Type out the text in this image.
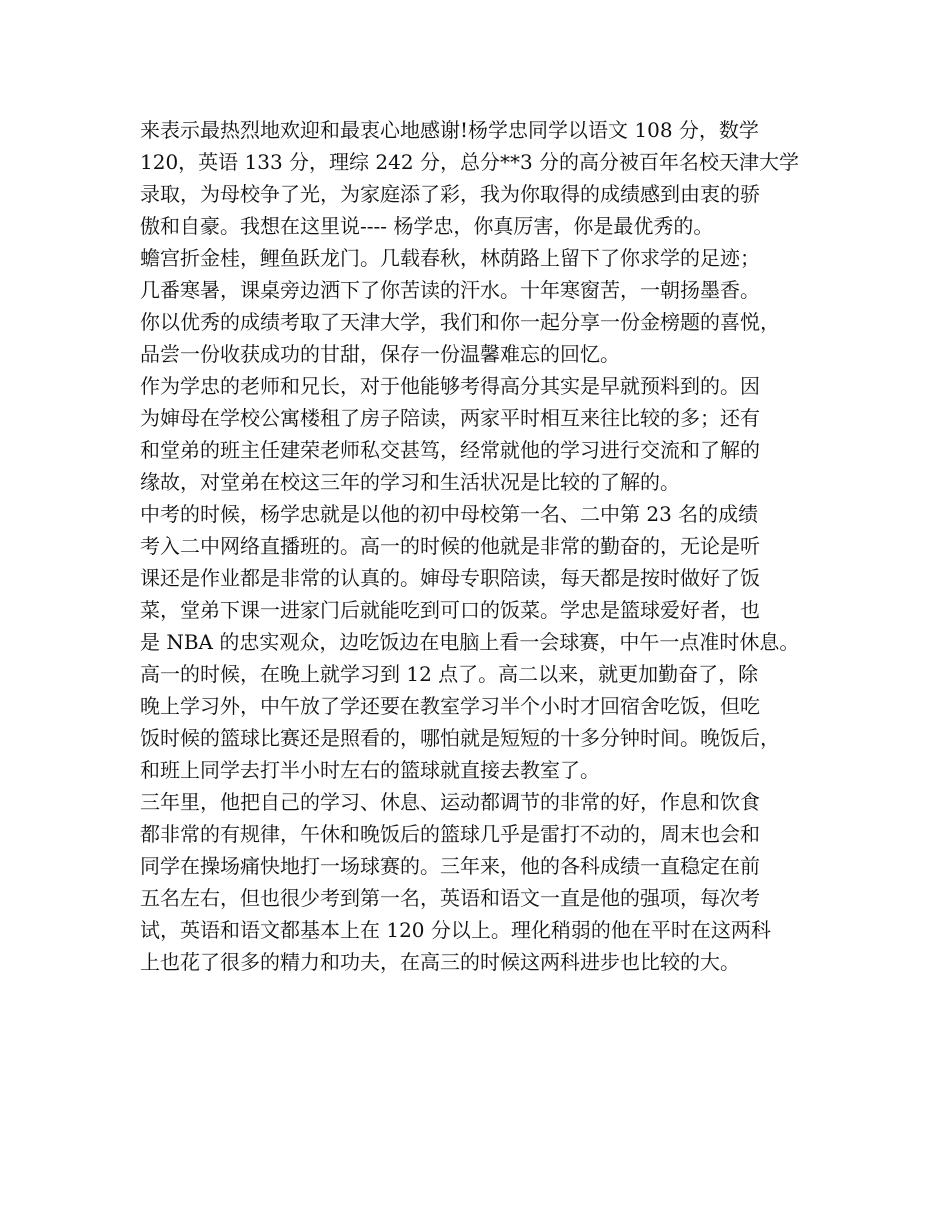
来表示最热烈地欢迎和最衷心地感谢!杨学忠同学以语文 108 分，数学
120，英语 133 分，理综 242 分，总分**3 分的高分被百年名校天津大学
录取，为母校争了光，为家庭添了彩，我为你取得的成绩感到由衷的骄
傲和自豪。我想在这里说---- 杨学忠，你真厉害，你是最优秀的。

蟾宫折金桂，鲤鱼跃龙门。几载春秋，林荫路上留下了你求学的足迹；
几番寒暑，课桌旁边洒下了你苦读的汗水。十年寒窗苦，一朝扬墨香。
你以优秀的成绩考取了天津大学，我们和你一起分享一份金榜题的喜悦，
品尝一份收获成功的甘甜，保存一份温馨难忘的回忆。

作为学忠的老师和兄长，对于他能够考得高分其实是早就预料到的。因
为婶母在学校公寓楼租了房子陪读，两家平时相互来往比较的多；还有
和堂弟的班主任建荣老师私交甚笃，经常就他的学习进行交流和了解的
缘故，对堂弟在校这三年的学习和生活状况是比较的了解的。

中考的时候，杨学忠就是以他的初中母校第一名、二中第 23 名的成绩
考入二中网络直播班的。高一的时候的他就是非常的勤奋的，无论是听
课还是作业都是非常的认真的。婶母专职陪读，每天都是按时做好了饭
菜，堂弟下课一进家门后就能吃到可口的饭菜。学忠是篮球爱好者，也
是 NBA 的忠实观众，边吃饭边在电脑上看一会球赛，中午一点准时休息。
高一的时候，在晚上就学习到 12 点了。高二以来，就更加勤奋了，除
晚上学习外，中午放了学还要在教室学习半个小时才回宿舍吃饭，但吃
饭时候的篮球比赛还是照看的，哪怕就是短短的十多分钟时间。晚饭后，
和班上同学去打半小时左右的篮球就直接去教室了。

三年里，他把自己的学习、休息、运动都调节的非常的好，作息和饮食
都非常的有规律，午休和晚饭后的篮球几乎是雷打不动的，周末也会和
同学在操场痛快地打一场球赛的。三年来，他的各科成绩一直稳定在前
五名左右，但也很少考到第一名，英语和语文一直是他的强项，每次考
试，英语和语文都基本上在 120 分以上。理化稍弱的他在平时在这两科
上也花了很多的精力和功夫，在高三的时候这两科进步也比较的大。
